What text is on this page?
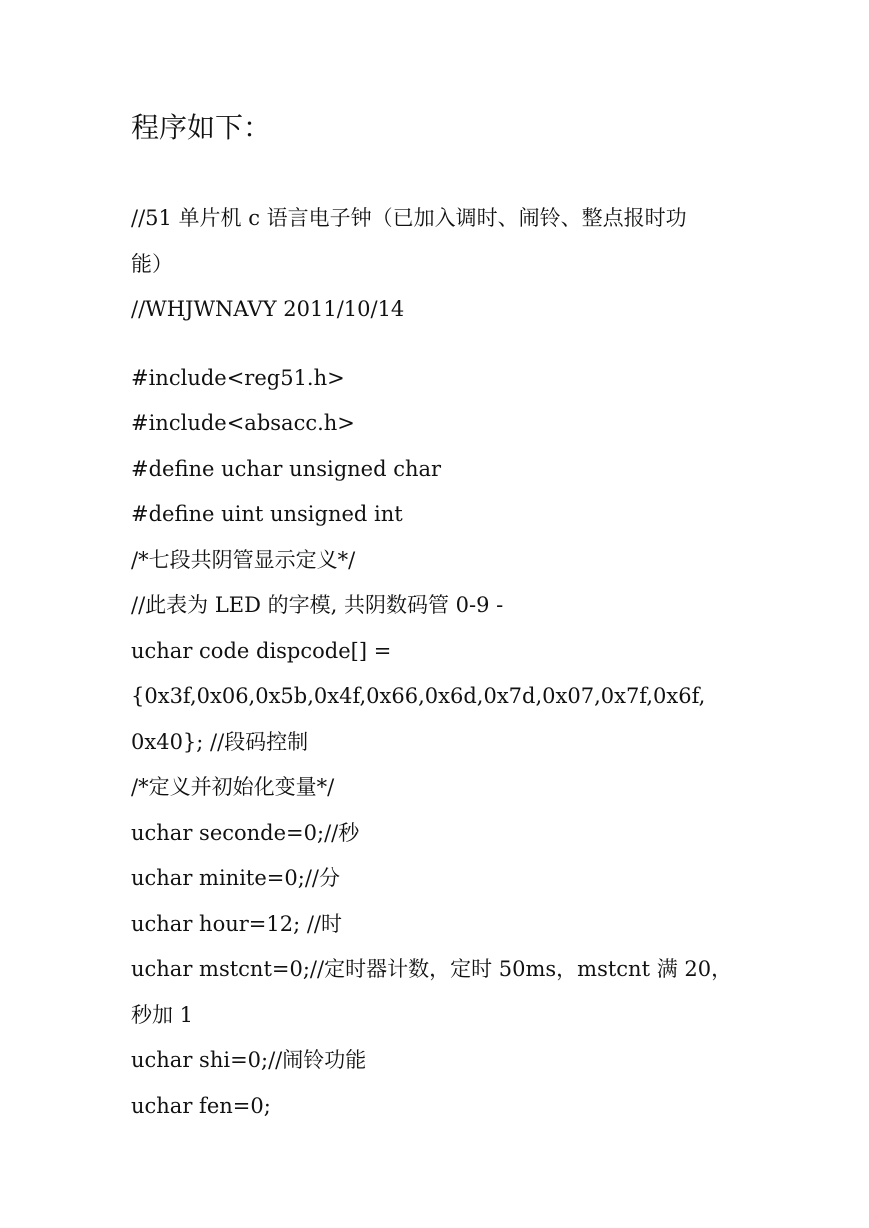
程序如下：
//51 单片机 c 语言电子钟（已加入调时、闹铃、整点报时功
能）
//WHJWNAVY 2011/10/14
#include<reg51.h>
#include<absacc.h>
#define uchar unsigned char
#define uint unsigned int
/*七段共阴管显示定义*/
//此表为 LED 的字模, 共阴数码管 0-9 -
uchar code dispcode[] =
{0x3f,0x06,0x5b,0x4f,0x66,0x6d,0x7d,0x07,0x7f,0x6f,
0x40}; //段码控制
/*定义并初始化变量*/
uchar seconde=0;//秒
uchar minite=0;//分
uchar hour=12; //时
uchar mstcnt=0;//定时器计数，定时 50ms，mstcnt 满 20，
秒加 1
uchar shi=0;//闹铃功能
uchar fen=0;
